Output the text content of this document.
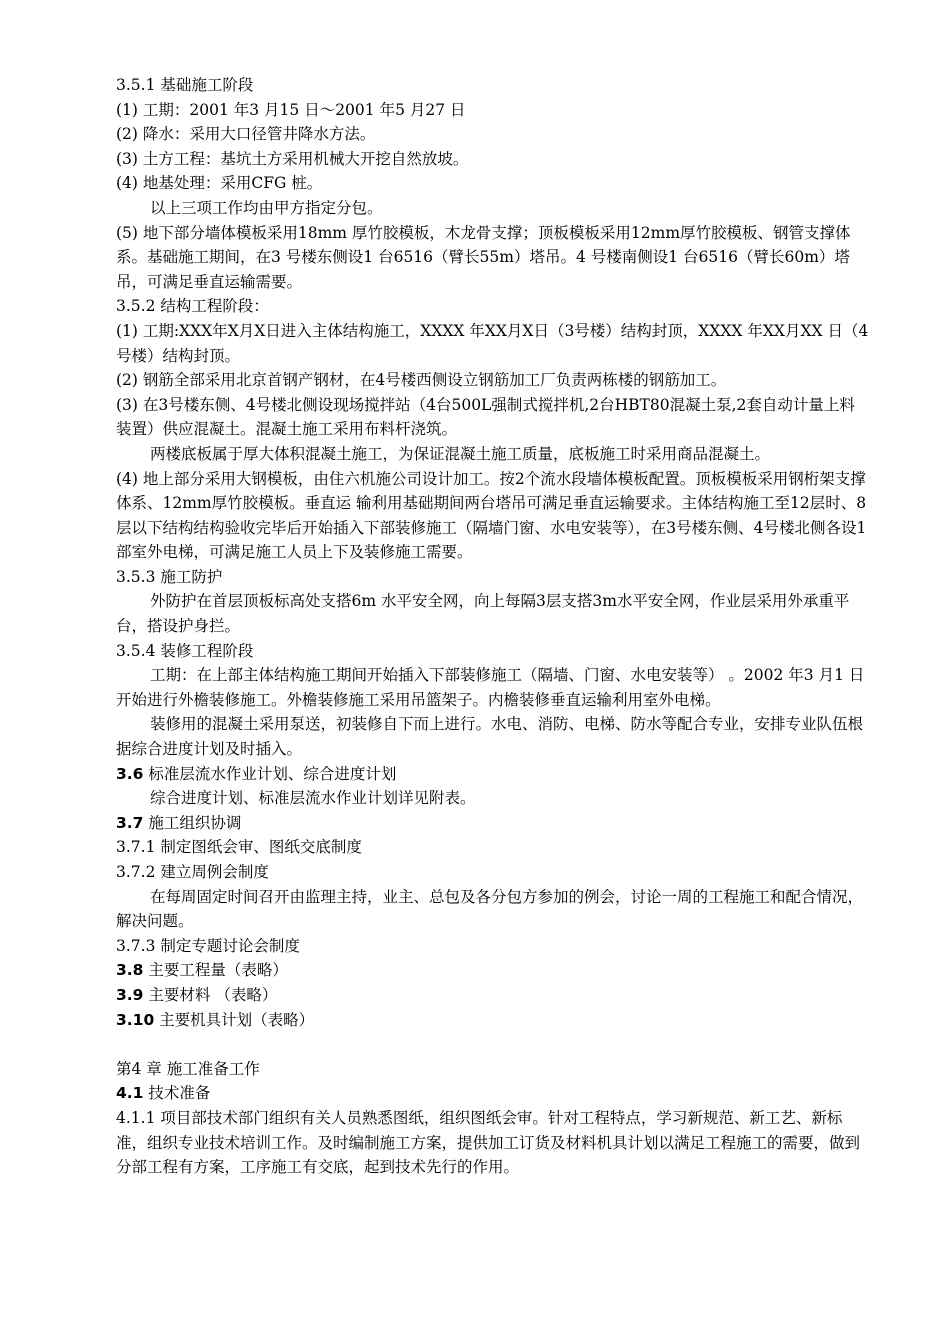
3.5.1 基础施工阶段

(1) 工期：2001 年3 月15 日～2001 年5 月27 日

(2) 降水：采用大口径管井降水方法。

(3) 土方工程：基坑土方采用机械大开挖自然放坡。

(4) 地基处理：采用CFG 桩。

以上三项工作均由甲方指定分包。

(5) 地下部分墙体模板采用18mm 厚竹胶模板，木龙骨支撑；顶板模板采用12mm厚竹胶模板、钢管支撑体系。基础施工期间，在3 号楼东侧设1 台6516（臂长55m）塔吊。4 号楼南侧设1 台6516（臂长60m）塔吊，可满足垂直运输需要。

3.5.2 结构工程阶段：

(1) 工期:XXX年X月X日进入主体结构施工，XXXX 年XX月X日（3号楼）结构封顶，XXXX 年XX月XX 日（4 号楼）结构封顶。

(2) 钢筋全部采用北京首钢产钢材，在4号楼西侧设立钢筋加工厂负责两栋楼的钢筋加工。

(3) 在3号楼东侧、4号楼北侧设现场搅拌站（4台500L强制式搅拌机,2台HBT80混凝土泵,2套自动计量上料装置）供应混凝土。混凝土施工采用布料杆浇筑。

两楼底板属于厚大体积混凝土施工，为保证混凝土施工质量，底板施工时采用商品混凝土。

(4) 地上部分采用大钢模板，由住六机施公司设计加工。按2个流水段墙体模板配置。顶板模板采用钢桁架支撑体系、12mm厚竹胶模板。垂直运 输利用基础期间两台塔吊可满足垂直运输要求。主体结构施工至12层时、8层以下结构结构验收完毕后开始插入下部装修施工（隔墙门窗、水电安装等），在3号楼东侧、4号楼北侧各设1部室外电梯，可满足施工人员上下及装修施工需要。

3.5.3 施工防护

外防护在首层顶板标高处支搭6m 水平安全网，向上每隔3层支搭3m水平安全网，作业层采用外承重平台，搭设护身拦。

3.5.4 装修工程阶段

工期：在上部主体结构施工期间开始插入下部装修施工（隔墙、门窗、水电安装等） 。2002 年3 月1 日开始进行外檐装修施工。外檐装修施工采用吊篮架子。内檐装修垂直运输利用室外电梯。

装修用的混凝土采用泵送，初装修自下而上进行。水电、消防、电梯、防水等配合专业，安排专业队伍根据综合进度计划及时插入。

3.6 标准层流水作业计划、综合进度计划

综合进度计划、标准层流水作业计划详见附表。

3.7 施工组织协调

3.7.1 制定图纸会审、图纸交底制度

3.7.2 建立周例会制度

在每周固定时间召开由监理主持，业主、总包及各分包方参加的例会，讨论一周的工程施工和配合情况，解决问题。

3.7.3 制定专题讨论会制度

3.8 主要工程量（表略）

3.9 主要材料 （表略）

3.10 主要机具计划（表略）

第4 章 施工准备工作

4.1 技术准备

4.1.1 项目部技术部门组织有关人员熟悉图纸，组织图纸会审。针对工程特点，学习新规范、新工艺、新标准，组织专业技术培训工作。及时编制施工方案，提供加工订货及材料机具计划以满足工程施工的需要，做到分部工程有方案，工序施工有交底，起到技术先行的作用。
